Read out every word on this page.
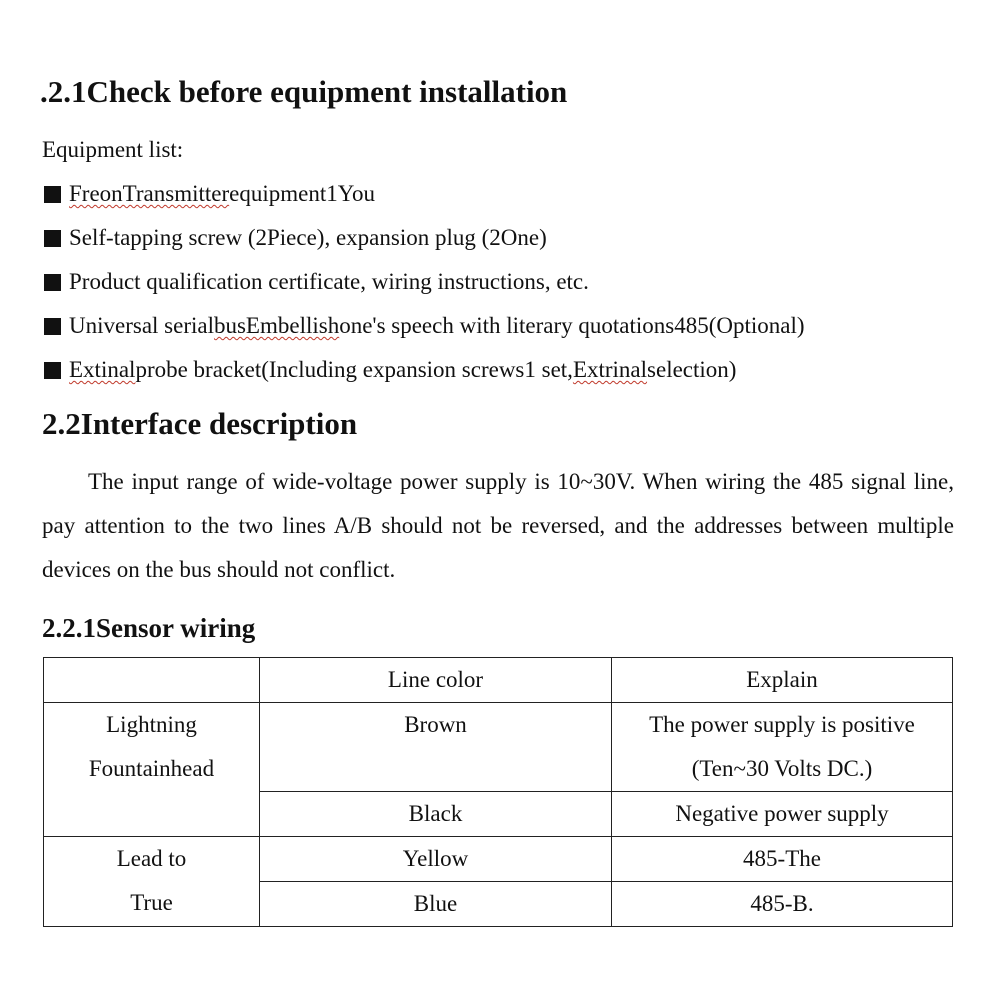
.2.1Check before equipment installation
Equipment list:
FreonTransmitter equipment1You
Self-tapping screw (2Piece), expansion plug (2One)
Product qualification certificate, wiring instructions, etc.
Universal serial busEmbellish one's speech with literary quotations485(Optional)
Extinal probe bracket(Including expansion screws1 set, Extrinal selection)
2.2Interface description

The input range of wide-voltage power supply is 10~30V. When wiring the 485 signal line, pay attention to the two lines A/B should not be reversed, and the addresses between multiple devices on the bus should not conflict.

2.2.1Sensor wiring
	Line color	Explain

Lightning
Fountainhead	Brown	The power supply is positive
(Ten~30 Volts DC.)

	Black	Negative power supply

Lead to
True	Yellow	485-The
	Blue	485-B.
